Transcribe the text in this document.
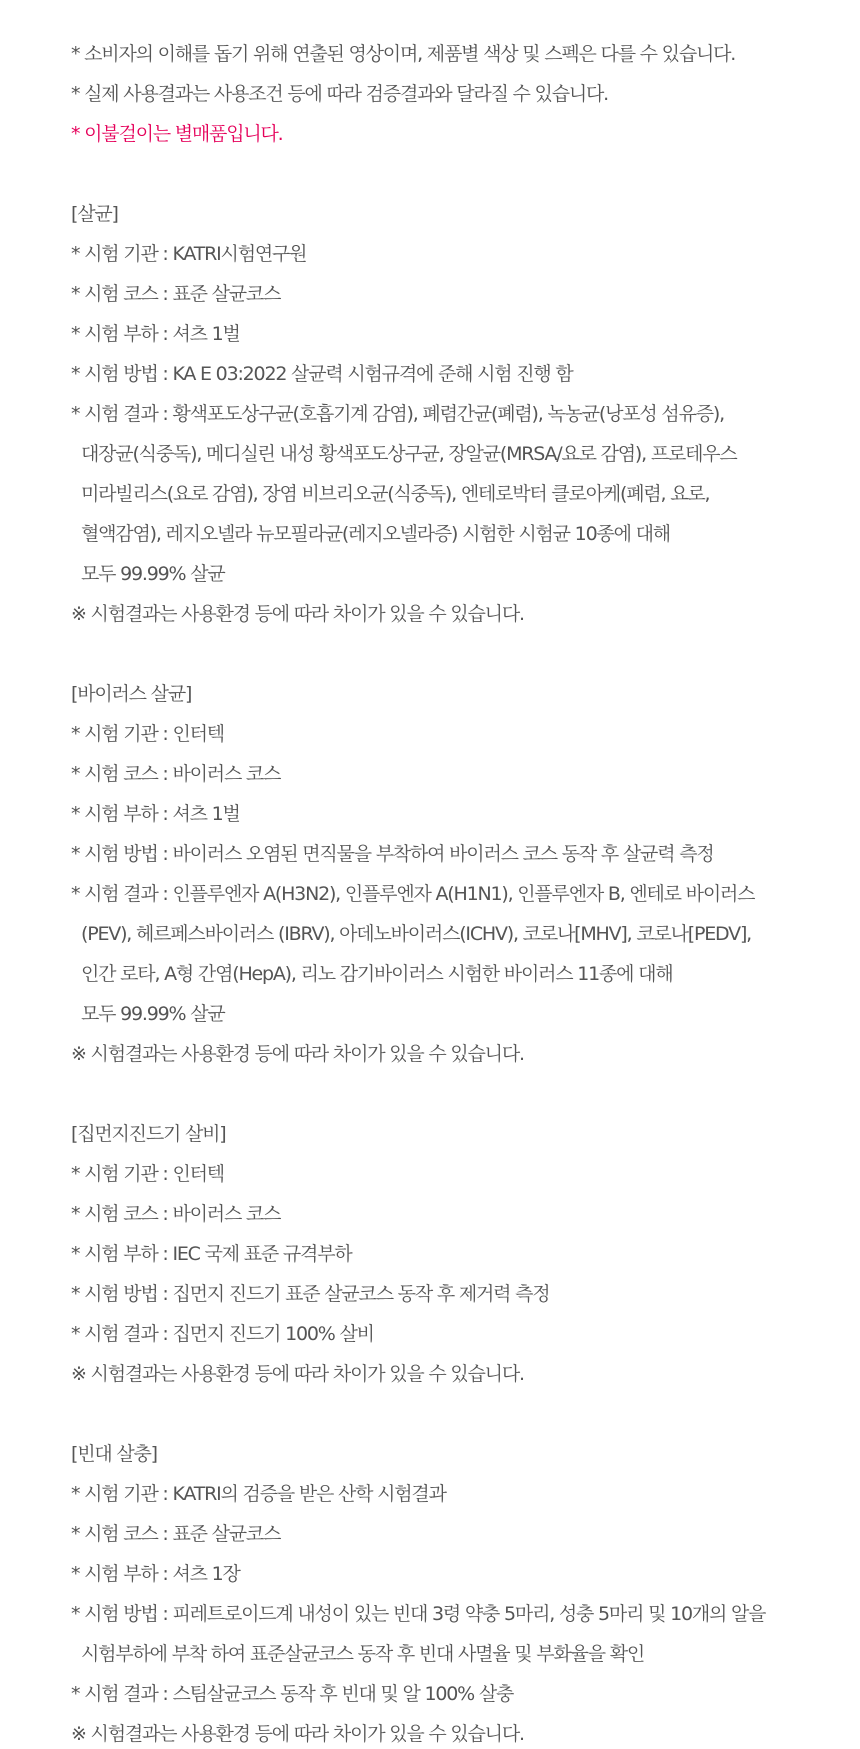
* 소비자의 이해를 돕기 위해 연출된 영상이며, 제품별 색상 및 스펙은 다를 수 있습니다.
* 실제 사용결과는 사용조건 등에 따라 검증결과와 달라질 수 있습니다.
* 이불걸이는 별매품입니다.
[살균]
* 시험 기관 : KATRI시험연구원
* 시험 코스 : 표준 살균코스
* 시험 부하 : 셔츠 1벌
* 시험 방법 : KA E 03:2022 살균력 시험규격에 준해 시험 진행 함
* 시험 결과 : 황색포도상구균(호흡기계 감염), 폐렴간균(폐렴), 녹농균(낭포성 섬유증),
대장균(식중독), 메디실린 내성 황색포도상구균, 장알균(MRSA/요로 감염), 프로테우스
미라빌리스(요로 감염), 장염 비브리오균(식중독), 엔테로박터 클로아케(폐렴, 요로,
혈액감염), 레지오넬라 뉴모필라균(레지오넬라증) 시험한 시험균 10종에 대해
모두 99.99% 살균
※ 시험결과는 사용환경 등에 따라 차이가 있을 수 있습니다.
[바이러스 살균]
* 시험 기관 : 인터텍
* 시험 코스 : 바이러스 코스
* 시험 부하 : 셔츠 1벌
* 시험 방법 : 바이러스 오염된 면직물을 부착하여 바이러스 코스 동작 후 살균력 측정
* 시험 결과 : 인플루엔자 A(H3N2), 인플루엔자 A(H1N1), 인플루엔자 B, 엔테로 바이러스
(PEV), 헤르페스바이러스 (IBRV), 아데노바이러스(ICHV), 코로나[MHV], 코로나[PEDV],
인간 로타, A형 간염(HepA), 리노 감기바이러스 시험한 바이러스 11종에 대해
모두 99.99% 살균
※ 시험결과는 사용환경 등에 따라 차이가 있을 수 있습니다.
[집먼지진드기 살비]
* 시험 기관 : 인터텍
* 시험 코스 : 바이러스 코스
* 시험 부하 : IEC 국제 표준 규격부하
* 시험 방법 : 집먼지 진드기 표준 살균코스 동작 후 제거력 측정
* 시험 결과 : 집먼지 진드기 100% 살비
※ 시험결과는 사용환경 등에 따라 차이가 있을 수 있습니다.
[빈대 살충]
* 시험 기관 : KATRI의 검증을 받은 산학 시험결과
* 시험 코스 : 표준 살균코스
* 시험 부하 : 셔츠 1장
* 시험 방법 : 피레트로이드계 내성이 있는 빈대 3령 약충 5마리, 성충 5마리 및 10개의 알을
시험부하에 부착 하여 표준살균코스 동작 후 빈대 사멸율 및 부화율을 확인
* 시험 결과 : 스팀살균코스 동작 후 빈대 및 알 100% 살충
※ 시험결과는 사용환경 등에 따라 차이가 있을 수 있습니다.
